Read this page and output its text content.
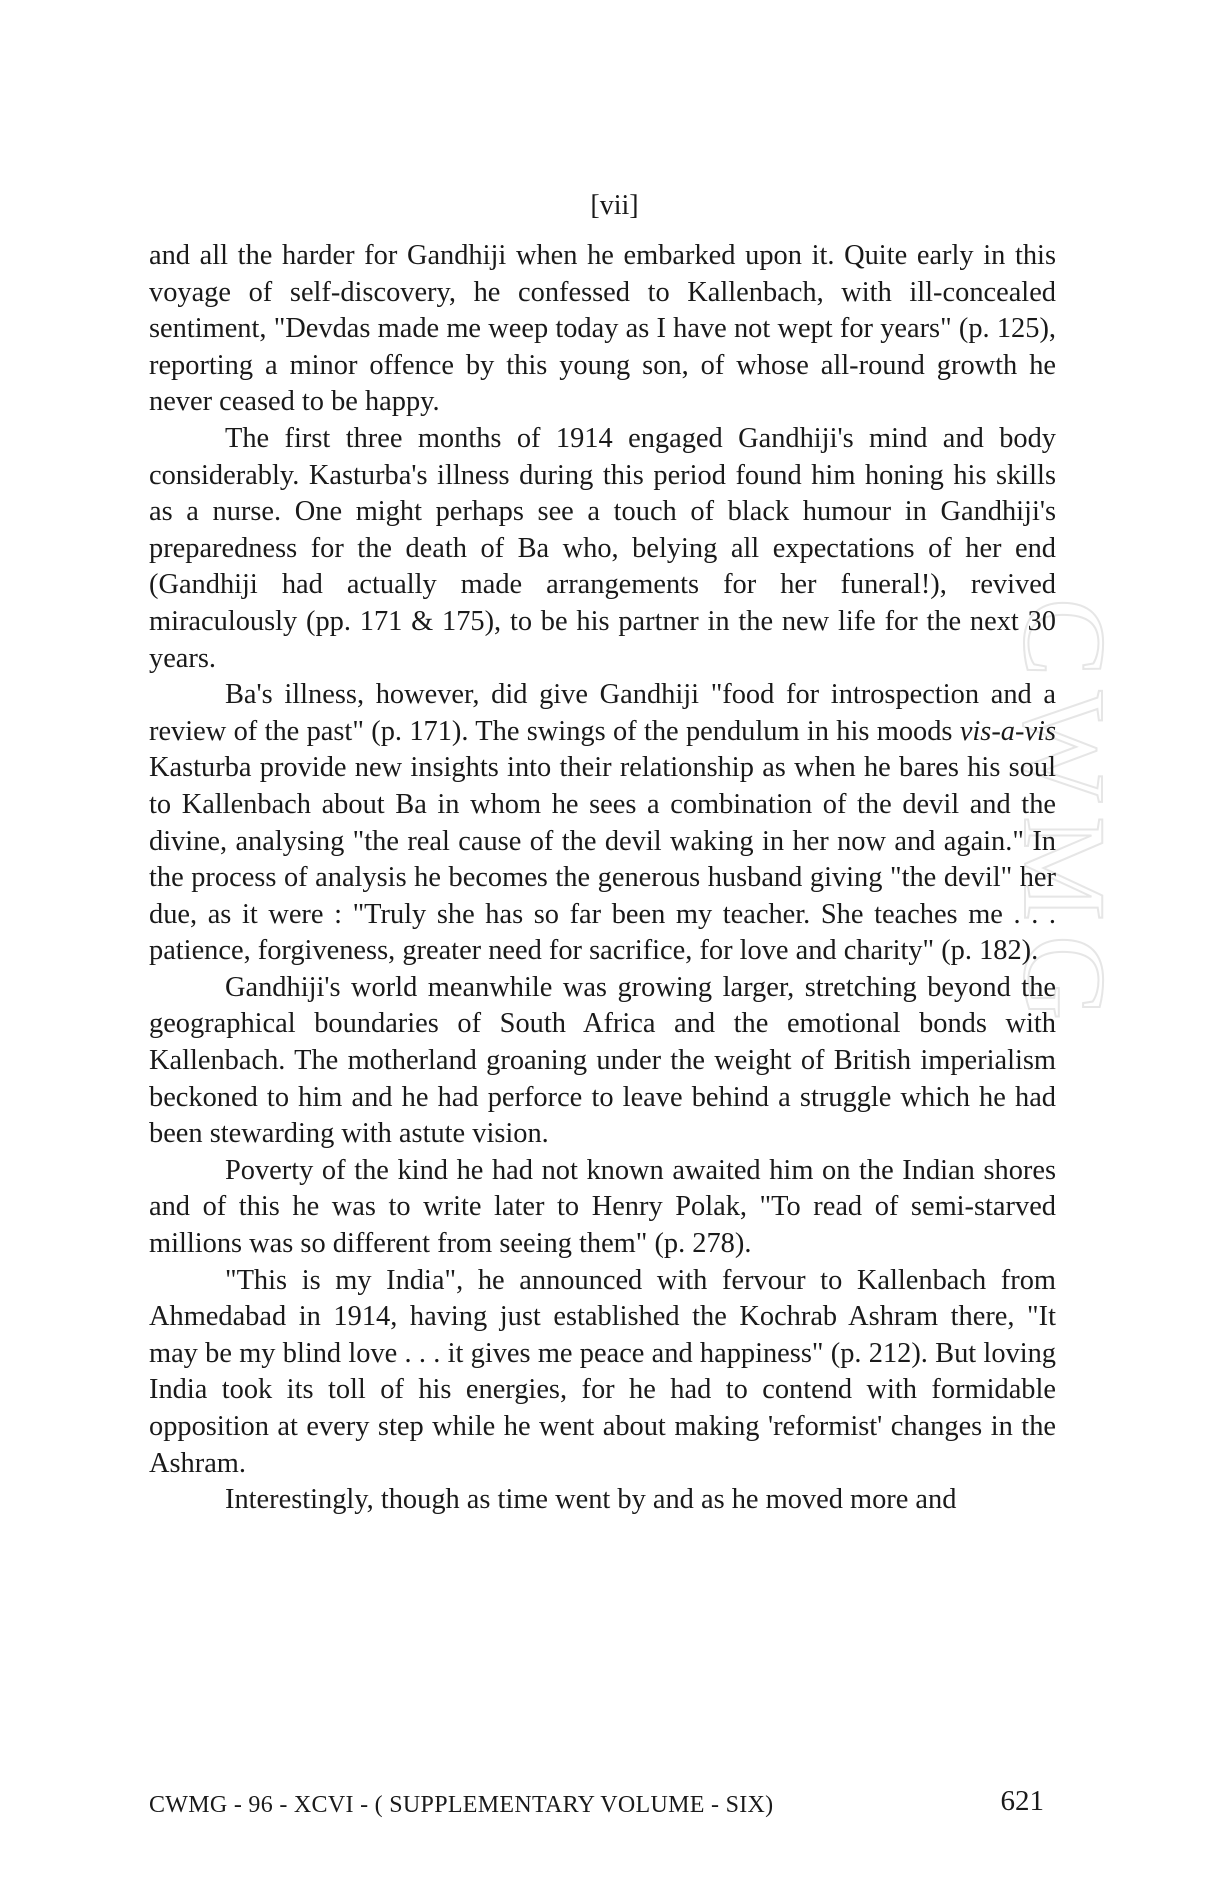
CWMG
[vii]

and all the harder for Gandhiji when he embarked upon it. Quite early in this voyage of self-discovery, he confessed to Kallenbach, with ill-concealed sentiment, "Devdas made me weep today as I have not wept for years" (p. 125), reporting a minor offence by this young son, of whose all-round growth he never ceased to be happy.

The first three months of 1914 engaged Gandhiji's mind and body considerably. Kasturba's illness during this period found him honing his skills as a nurse. One might perhaps see a touch of black humour in Gandhiji's preparedness for the death of Ba who, belying all expectations of her end (Gandhiji had actually made arrangements for her funeral!), revived miraculously (pp. 171 & 175), to be his partner in the new life for the next 30 years.

Ba's illness, however, did give Gandhiji "food for introspection and a review of the past" (p. 171). The swings of the pendulum in his moods vis-a-vis Kasturba provide new insights into their relationship as when he bares his soul to Kallenbach about Ba in whom he sees a combination of the devil and the divine, analysing "the real cause of the devil waking in her now and again." In the process of analysis he becomes the generous husband giving "the devil" her due, as it were : "Truly she has so far been my teacher. She teaches me . . . patience, forgiveness, greater need for sacrifice, for love and charity" (p. 182).

Gandhiji's world meanwhile was growing larger, stretching beyond the geographical boundaries of South Africa and the emotional bonds with Kallenbach. The motherland groaning under the weight of British imperialism beckoned to him and he had perforce to leave behind a struggle which he had been stewarding with astute vision.

Poverty of the kind he had not known awaited him on the Indian shores and of this he was to write later to Henry Polak, "To read of semi-starved millions was so different from seeing them" (p. 278).

"This is my India", he announced with fervour to Kallenbach from Ahmedabad in 1914, having just established the Kochrab Ashram there, "It may be my blind love . . . it gives me peace and happiness" (p. 212). But loving India took its toll of his energies, for he had to contend with formidable opposition at every step while he went about making 'reformist' changes in the Ashram.

Interestingly, though as time went by and as he moved more and

CWMG - 96 - XCVI - ( SUPPLEMENTARY VOLUME - SIX)	621
